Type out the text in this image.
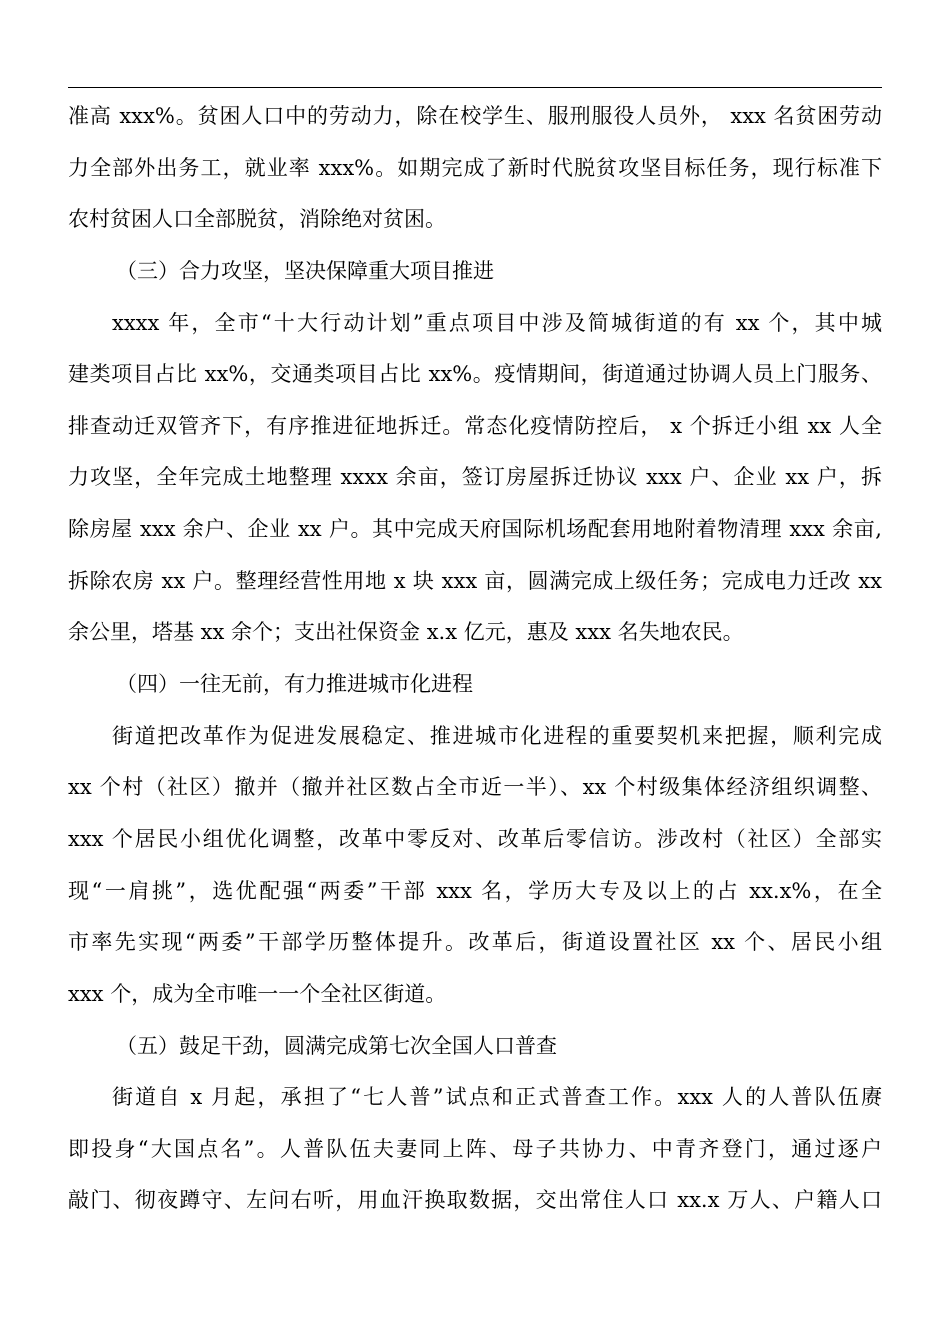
准高 xxx%。贫困人口中的劳动力，除在校学生、服刑服役人员外， xxx 名贫困劳动
力全部外出务工，就业率 xxx%。如期完成了新时代脱贫攻坚目标任务，现行标准下
农村贫困人口全部脱贫，消除绝对贫困。
（三）合力攻坚，坚决保障重大项目推进
xxxx 年，全市“十大行动计划”重点项目中涉及简城街道的有 xx 个，其中城
建类项目占比 xx%，交通类项目占比 xx%。疫情期间，街道通过协调人员上门服务、
排查动迁双管齐下，有序推进征地拆迁。常态化疫情防控后， x 个拆迁小组 xx 人全
力攻坚，全年完成土地整理 xxxx 余亩，签订房屋拆迁协议 xxx 户、企业 xx 户，拆
除房屋 xxx 余户、企业 xx 户。其中完成天府国际机场配套用地附着物清理 xxx 余亩,
拆除农房 xx 户。整理经营性用地 x 块 xxx 亩，圆满完成上级任务；完成电力迁改 xx
余公里，塔基 xx 余个；支出社保资金 x.x 亿元，惠及 xxx 名失地农民。
（四）一往无前，有力推进城市化进程
街道把改革作为促进发展稳定、推进城市化进程的重要契机来把握，顺利完成
xx 个村（社区）撤并（撤并社区数占全市近一半）、xx 个村级集体经济组织调整、
xxx 个居民小组优化调整，改革中零反对、改革后零信访。涉改村（社区）全部实
现“一肩挑”，选优配强“两委”干部 xxx 名，学历大专及以上的占 xx.x%，在全
市率先实现“两委”干部学历整体提升。改革后，街道设置社区 xx 个、居民小组
xxx 个，成为全市唯一一个全社区街道。
（五）鼓足干劲，圆满完成第七次全国人口普查
街道自 x 月起，承担了“七人普”试点和正式普查工作。xxx 人的人普队伍赓
即投身“大国点名”。人普队伍夫妻同上阵、母子共协力、中青齐登门，通过逐户
敲门、彻夜蹲守、左问右听，用血汗换取数据，交出常住人口 xx.x 万人、户籍人口
